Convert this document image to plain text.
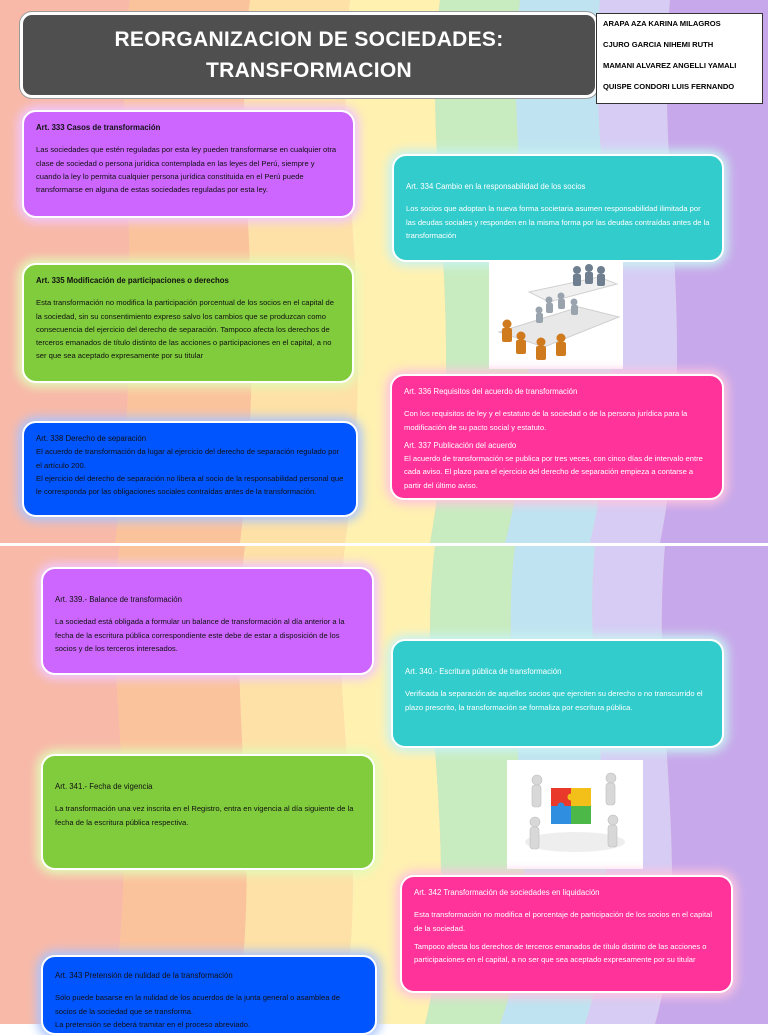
REORGANIZACION DE SOCIEDADES:
TRANSFORMACION
ARAPA AZA KARINA MILAGROS
CJURO GARCIA NIHEMI RUTH
MAMANI ALVAREZ ANGELLI YAMALI
QUISPE CONDORI LUIS FERNANDO
Art. 333 Casos de transformación

Las sociedades que estén reguladas por esta ley pueden transformarse en cualquier otra clase de sociedad o persona jurídica contemplada en las leyes del Perú, siempre y cuando la ley lo permita cualquier persona jurídica constituida en el Perú puede transformarse en alguna de estas sociedades reguladas por esta ley.	Art. 334 Cambio en la responsabilidad de los socios

Los socios que adoptan la nueva forma societaria asumen responsabilidad ilimitada por las deudas sociales y responden en la misma forma por las deudas contraídas antes de la transformación

Art. 335 Modificación de participaciones o derechos

Esta transformación no modifica la participación porcentual de los socios en el capital de la sociedad, sin su consentimiento expreso salvo los cambios que se produzcan como consecuencia del ejercicio del derecho de separación. Tampoco afecta los derechos de terceros emanados de título distinto de las acciones o participaciones en el capital, a no ser que sea aceptado expresamente por su titular

Art. 336 Requisitos del acuerdo de transformación

Con los requisitos de ley y el estatuto de la sociedad o de la persona jurídica para la modificación de su pacto social y estatuto.

Art. 337 Publicación del acuerdo

El acuerdo de transformación se publica por tres veces, con cinco días de intervalo entre cada aviso. El plazo para el ejercicio del derecho de separación empieza a contarse a partir del último aviso.

Art. 338 Derecho de separación

El acuerdo de transformación da lugar al ejercicio del derecho de separación regulado por el artículo 200.

El ejercicio del derecho de separación no libera al socio de la responsabilidad personal que le corresponda por las obligaciones sociales contraídas antes de la transformación.

Art. 339.- Balance de transformación

La sociedad está obligada a formular un balance de transformación al día anterior a la fecha de la escritura pública correspondiente este debe de estar a disposición de los socios y de los terceros interesados.

Art. 340.- Escritura pública de transformación

Verificada la separación de aquellos socios que ejerciten su derecho o no transcurrido el plazo prescrito, la transformación se formaliza por escritura pública.

Art. 341.- Fecha de vigencia

La transformación una vez inscrita en el Registro, entra en vigencia al día siguiente de la fecha de la escritura pública respectiva.

Art. 342 Transformación de sociedades en liquidación

Esta transformación no modifica el porcentaje de participación de los socios en el capital de la sociedad.

Tampoco afecta los derechos de terceros emanados de título distinto de las acciones o participaciones en el capital, a no ser que sea aceptado expresamente por su titular

Art. 343 Pretensión de nulidad de la transformación

Sólo puede basarse en la nulidad de los acuerdos de la junta general o asamblea de socios de la sociedad que se transforma.

La pretensión se deberá tramitar en el proceso abreviado.
